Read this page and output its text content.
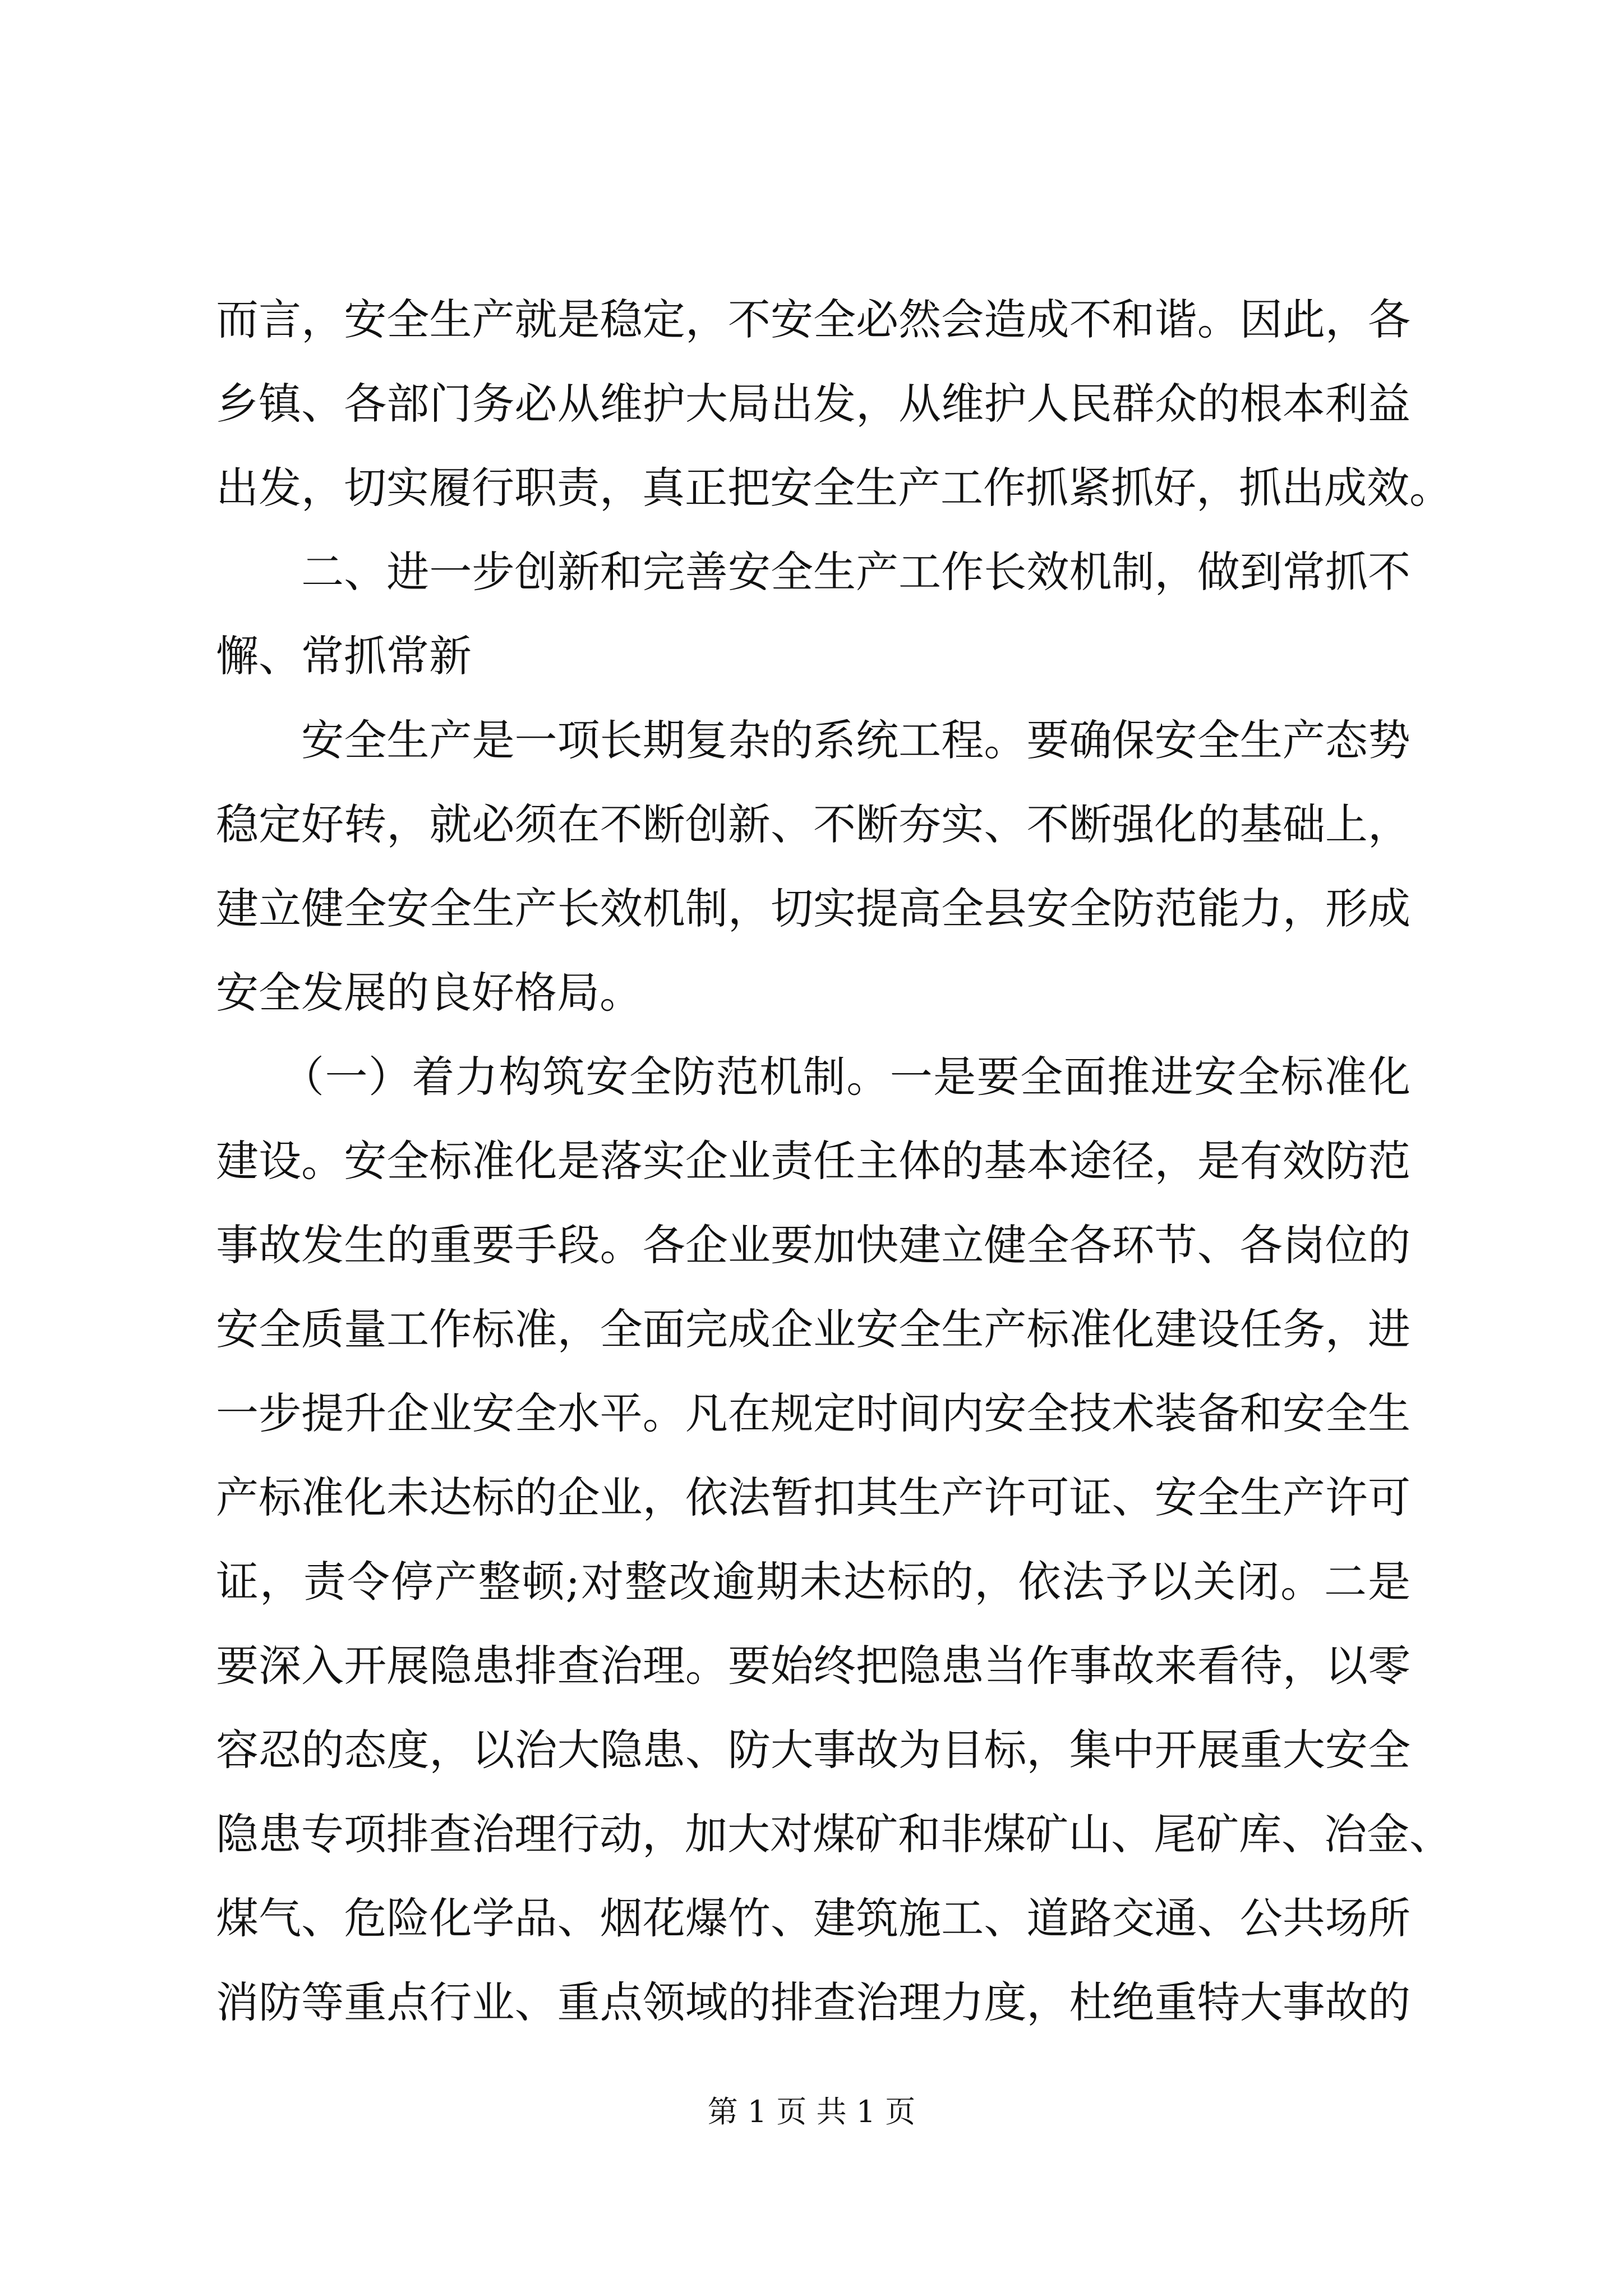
而言，安全生产就是稳定，不安全必然会造成不和谐。因此，各
乡镇、各部门务必从维护大局出发，从维护人民群众的根本利益
出发，切实履行职责，真正把安全生产工作抓紧抓好，抓出成效。
　　二、进一步创新和完善安全生产工作长效机制，做到常抓不
懈、常抓常新
　　安全生产是一项长期复杂的系统工程。要确保安全生产态势
稳定好转，就必须在不断创新、不断夯实、不断强化的基础上，
建立健全安全生产长效机制，切实提高全县安全防范能力，形成
安全发展的良好格局。
　　（一）着力构筑安全防范机制。一是要全面推进安全标准化
建设。安全标准化是落实企业责任主体的基本途径，是有效防范
事故发生的重要手段。各企业要加快建立健全各环节、各岗位的
安全质量工作标准，全面完成企业安全生产标准化建设任务，进
一步提升企业安全水平。凡在规定时间内安全技术装备和安全生
产标准化未达标的企业，依法暂扣其生产许可证、安全生产许可
证，责令停产整顿;对整改逾期未达标的，依法予以关闭。二是
要深入开展隐患排查治理。要始终把隐患当作事故来看待，以零
容忍的态度，以治大隐患、防大事故为目标，集中开展重大安全
隐患专项排查治理行动，加大对煤矿和非煤矿山、尾矿库、冶金、
煤气、危险化学品、烟花爆竹、建筑施工、道路交通、公共场所
消防等重点行业、重点领域的排查治理力度，杜绝重特大事故的
第 1 页 共 1 页
